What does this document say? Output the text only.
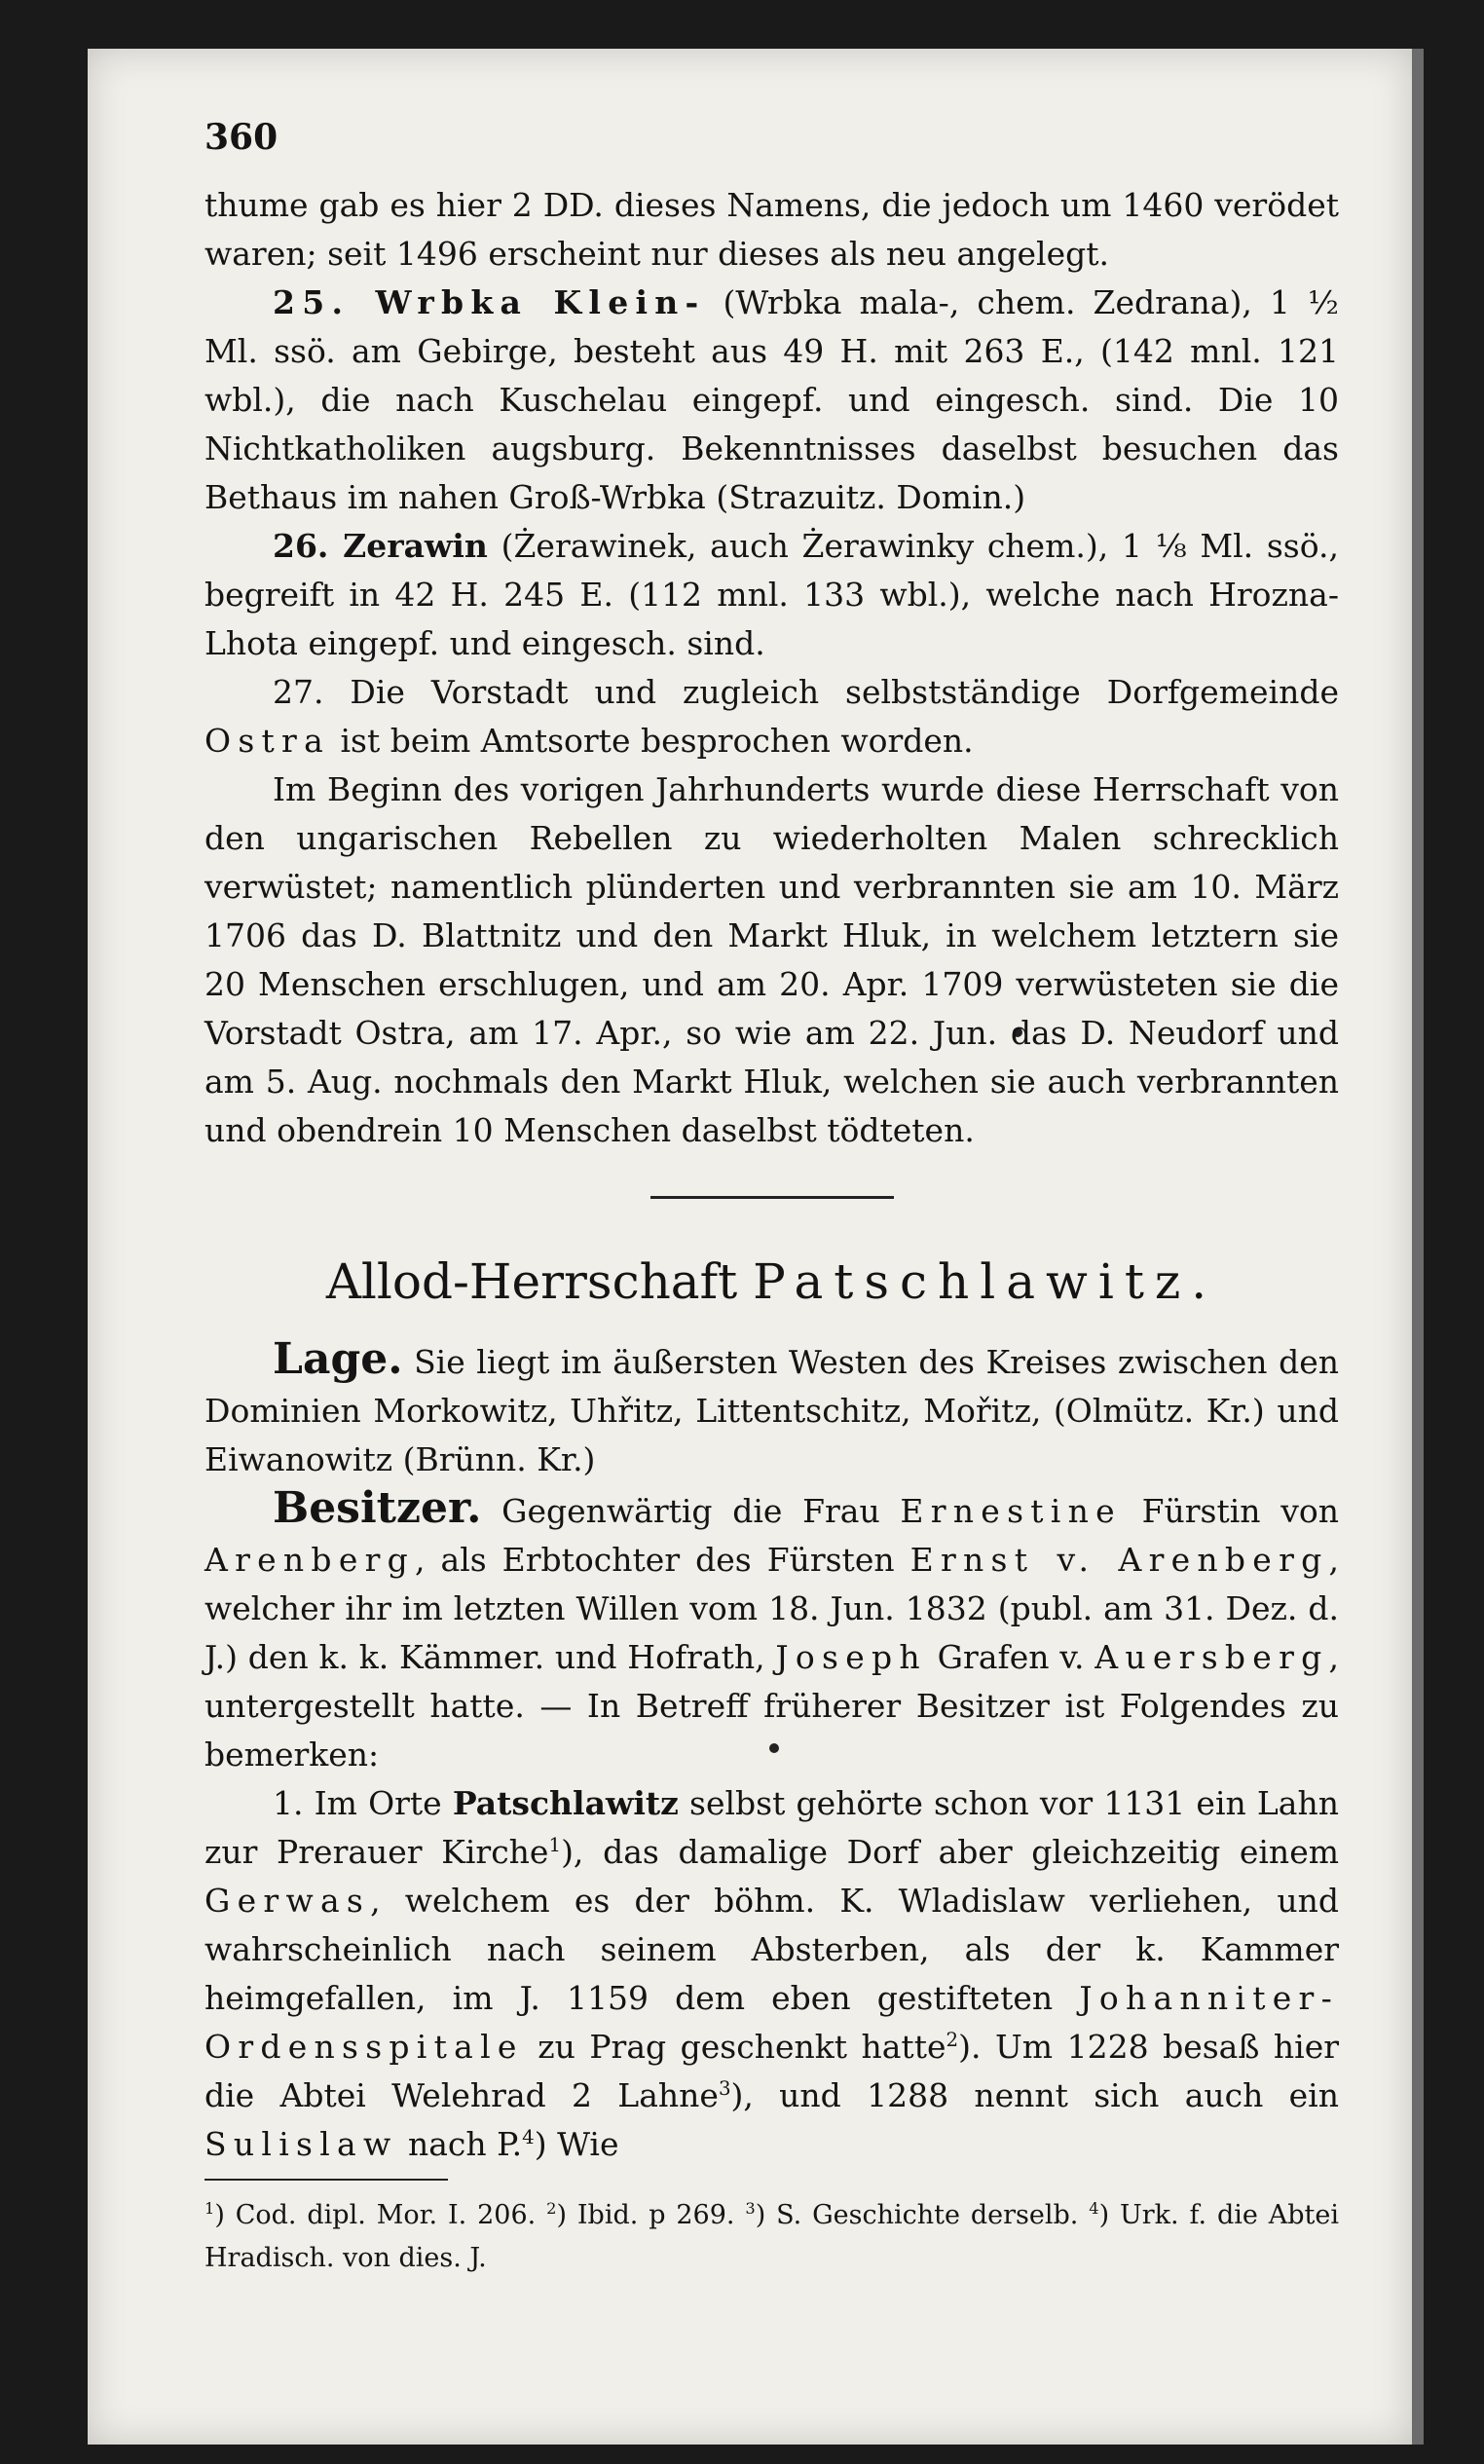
360

thume gab es hier 2 DD. dieses Namens, die jedoch um 1460 verödet waren; seit 1496 erscheint nur dieses als neu angelegt.

25. Wrbka Klein- (Wrbka mala-, chem. Zedrana), 1 ½ Ml. ssö. am Gebirge, besteht aus 49 H. mit 263 E., (142 mnl. 121 wbl.), die nach Kuschelau eingepf. und eingesch. sind. Die 10 Nichtkatholiken augsburg. Bekenntnisses daselbst besuchen das Bethaus im nahen Groß-Wrbka (Strazuitz. Domin.)

26. Zerawin (Żerawinek, auch Żerawinky chem.), 1 ⅛ Ml. ssö., begreift in 42 H. 245 E. (112 mnl. 133 wbl.), welche nach Hrozna-Lhota eingepf. und eingesch. sind.

27. Die Vorstadt und zugleich selbstständige Dorfgemeinde Ostra ist beim Amtsorte besprochen worden.

Im Beginn des vorigen Jahrhunderts wurde diese Herrschaft von den ungarischen Rebellen zu wiederholten Malen schrecklich verwüstet; namentlich plünderten und verbrannten sie am 10. März 1706 das D. Blattnitz und den Markt Hluk, in welchem letztern sie 20 Menschen erschlugen, und am 20. Apr. 1709 verwüsteten sie die Vorstadt Ostra, am 17. Apr., so wie am 22. Jun. das D. Neudorf und am 5. Aug. nochmals den Markt Hluk, welchen sie auch verbrannten und obendrein 10 Menschen daselbst tödteten.

Allod-Herrschaft Patschlawitz.

Lage. Sie liegt im äußersten Westen des Kreises zwischen den Dominien Morkowitz, Uhřitz, Littentschitz, Mořitz, (Olmütz. Kr.) und Eiwanowitz (Brünn. Kr.)

Besitzer. Gegenwärtig die Frau Ernestine Fürstin von Arenberg, als Erbtochter des Fürsten Ernst v. Arenberg, welcher ihr im letzten Willen vom 18. Jun. 1832 (publ. am 31. Dez. d. J.) den k. k. Kämmer. und Hofrath, Joseph Grafen v. Auersberg, untergestellt hatte. — In Betreff früherer Besitzer ist Folgendes zu bemerken:

1. Im Orte Patschlawitz selbst gehörte schon vor 1131 ein Lahn zur Prerauer Kirche$^1$), das damalige Dorf aber gleichzeitig einem Gerwas, welchem es der böhm. K. Wladislaw verliehen, und wahrscheinlich nach seinem Absterben, als der k. Kammer heimgefallen, im J. 1159 dem eben gestifteten Johanniter-Ordensspitale zu Prag geschenkt hatte$^2$). Um 1228 besaß hier die Abtei Welehrad 2 Lahne$^3$), und 1288 nennt sich auch ein Sulislaw nach P.$^4$) Wie

$^1$) Cod. dipl. Mor. I. 206. $^2$) Ibid. p 269. $^3$) S. Geschichte derselb. $^4$) Urk. f. die Abtei Hradisch. von dies. J.
